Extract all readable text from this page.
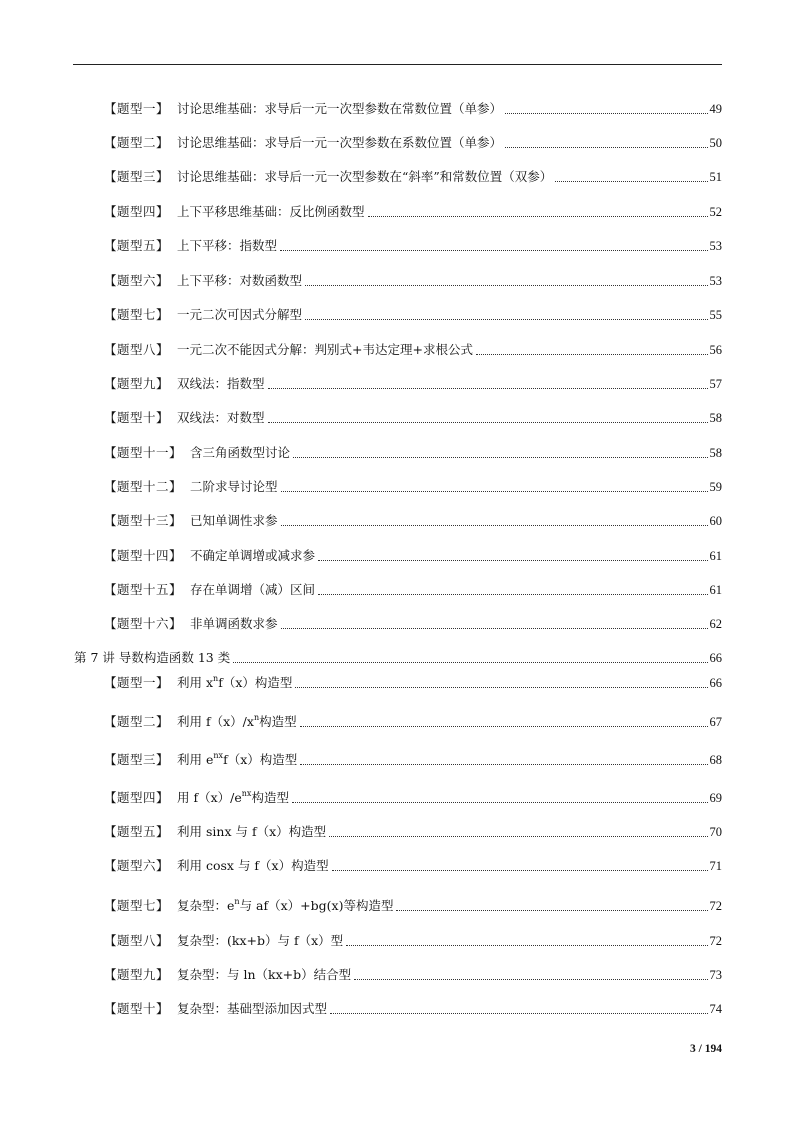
【题型一】 讨论思维基础：求导后一元一次型参数在常数位置（单参）	49
【题型二】 讨论思维基础：求导后一元一次型参数在系数位置（单参）	50
【题型三】 讨论思维基础：求导后一元一次型参数在“斜率”和常数位置（双参）	51
【题型四】 上下平移思维基础：反比例函数型	52
【题型五】 上下平移：指数型	53
【题型六】 上下平移：对数函数型	53
【题型七】 一元二次可因式分解型	55
【题型八】 一元二次不能因式分解：判别式+韦达定理+求根公式	56
【题型九】 双线法：指数型	57
【题型十】 双线法：对数型	58
【题型十一】 含三角函数型讨论	58
【题型十二】 二阶求导讨论型	59
【题型十三】 已知单调性求参	60
【题型十四】 不确定单调增或减求参	61
【题型十五】 存在单调增（减）区间	61
【题型十六】 非单调函数求参	62
第 7 讲 导数构造函数 13 类	66
【题型一】 利用 $x^nf(x)$构造型	66
【题型二】 利用 $f(x)/x^n$构造型	67
【题型三】 利用 $e^{nx}f(x)$构造型	68
【题型四】 用 $f(x)/e^{nx}$构造型	69
【题型五】 利用 sinx 与 f（x）构造型	70
【题型六】 利用 cosx 与 f（x）构造型	71
【题型七】 复杂型：$e^n$与 af（x）+bg(x)等构造型	72
【题型八】 复杂型：(kx+b）与 f（x）型	72
【题型九】 复杂型：与 ln（kx+b）结合型	73
【题型十】 复杂型：基础型添加因式型	74
3 / 194
